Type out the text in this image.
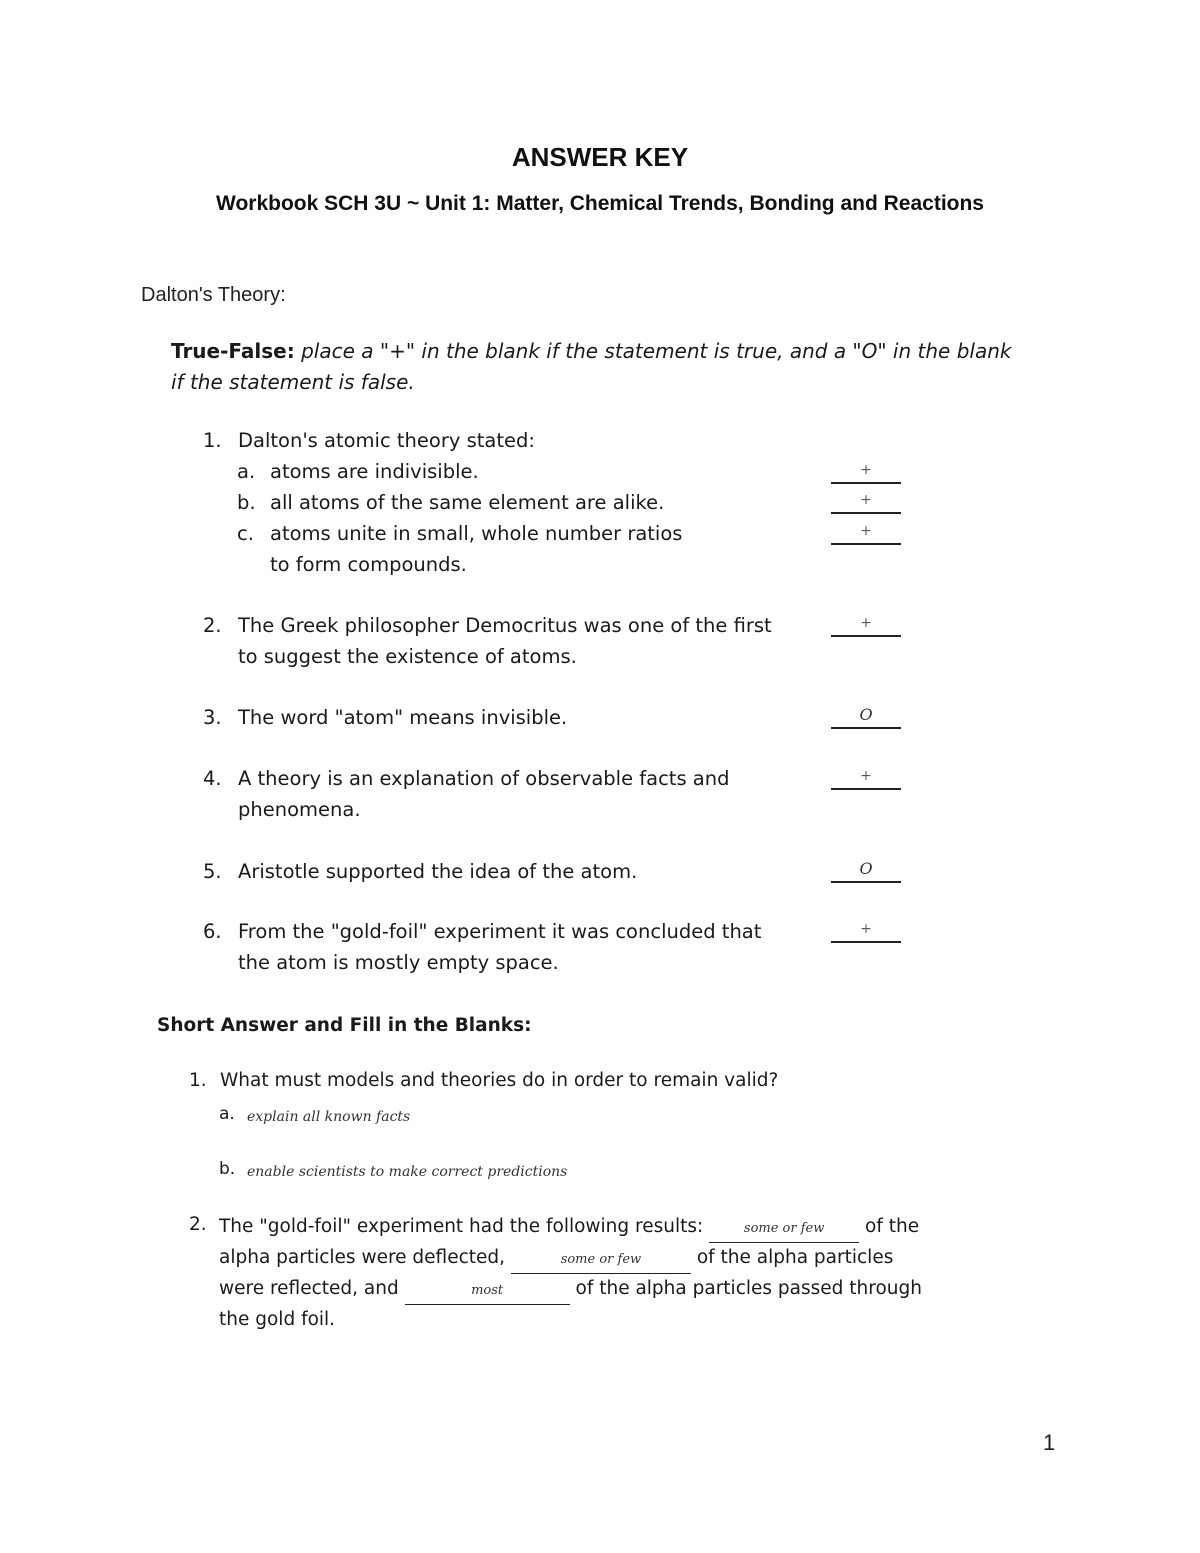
ANSWER KEY
Workbook SCH 3U ~ Unit 1: Matter, Chemical Trends, Bonding and Reactions
Dalton's Theory:
True-False: place a "+" in the blank if the statement is true, and a "O" in the blank
if the statement is false.
1. Dalton's atomic theory stated:
a. atoms are indivisible.	+
b. all atoms of the same element are alike.	+
c. atoms unite in small, whole number ratios
to form compounds.
+
2. The Greek philosopher Democritus was one of the first
to suggest the existence of atoms.
+
3. The word "atom" means invisible.	O
4. A theory is an explanation of observable facts and
phenomena.
+
5. Aristotle supported the idea of the atom.	O
6. From the "gold-foil" experiment it was concluded that
the atom is mostly empty space.
+
Short Answer and Fill in the Blanks:
1. What must models and theories do in order to remain valid?
a. explain all known facts
b. enable scientists to make correct predictions
2. The "gold-foil" experiment had the following results:	some or few of the
alpha particles were deflected,	some or few	of the alpha particles
were reflected, and	most	of the alpha particles passed through
the gold foil.
1
